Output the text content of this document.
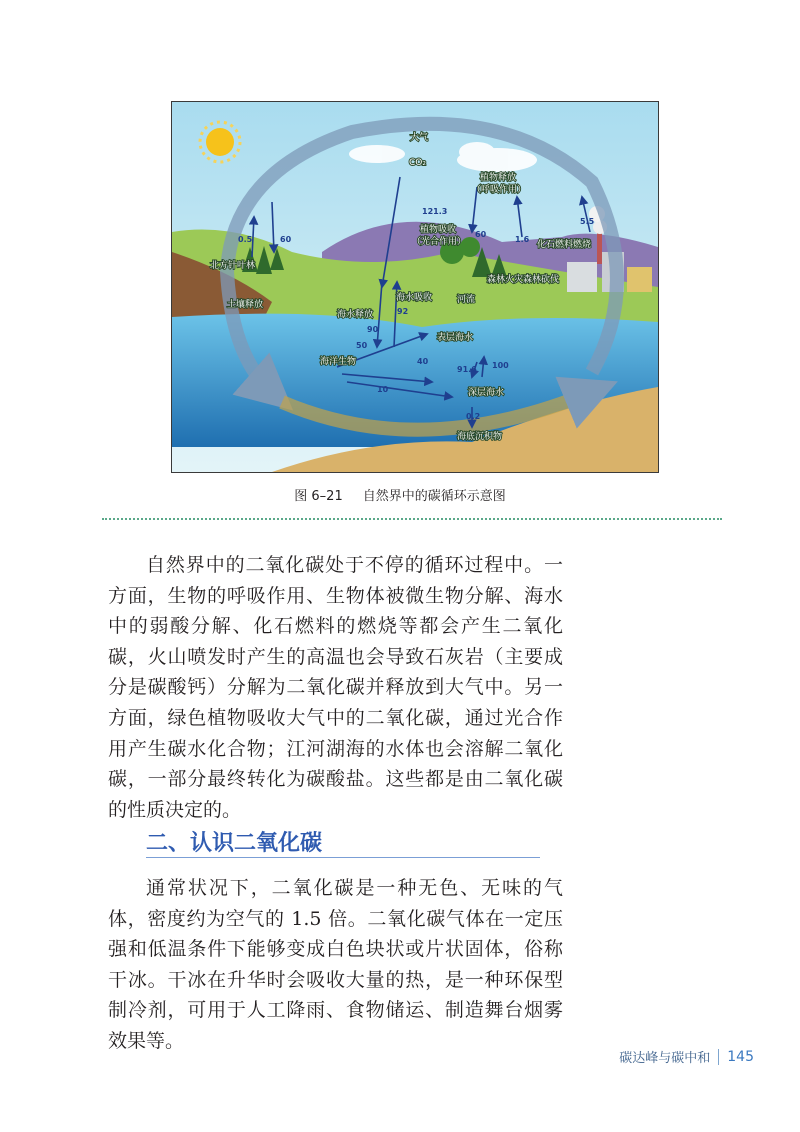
大气
CO₂
植物释放
（呼吸作用）
植物吸收
（光合作用）
北方针叶林
土壤释放
海水吸收
海水释放
河流
化石燃料燃烧
森林火灾森林砍伐
表层海水
海洋生物
深层海水
海底沉积物
0.5	60
121.3
60
1.6
5.5
92
90
50
40
10
91.6 100
0.2
图 6–21 自然界中的碳循环示意图

自然界中的二氧化碳处于不停的循环过程中。一方面，生物的呼吸作用、生物体被微生物分解、海水中的弱酸分解、化石燃料的燃烧等都会产生二氧化碳，火山喷发时产生的高温也会导致石灰岩（主要成分是碳酸钙）分解为二氧化碳并释放到大气中。另一方面，绿色植物吸收大气中的二氧化碳，通过光合作用产生碳水化合物；江河湖海的水体也会溶解二氧化碳，一部分最终转化为碳酸盐。这些都是由二氧化碳的性质决定的。

二、认识二氧化碳

通常状况下，二氧化碳是一种无色、无味的气体，密度约为空气的 1.5 倍。二氧化碳气体在一定压强和低温条件下能够变成白色块状或片状固体，俗称干冰。干冰在升华时会吸收大量的热，是一种环保型制冷剂，可用于人工降雨、食物储运、制造舞台烟雾效果等。

碳达峰与碳中和 145
